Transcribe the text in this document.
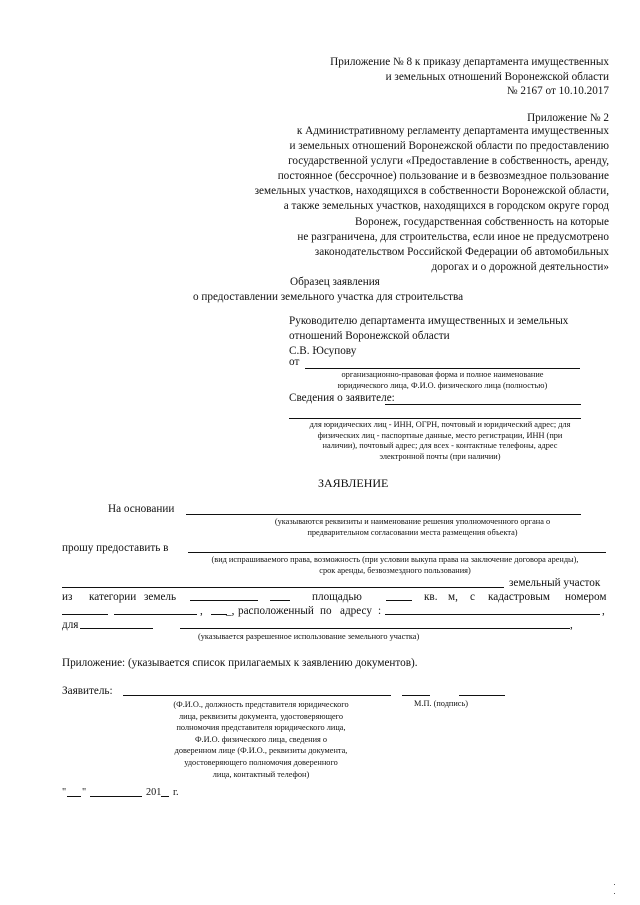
Приложение № 8 к приказу департамента имущественных
и земельных отношений Воронежской области
№ 2167 от 10.10.2017
Приложение № 2
к Административному регламенту департамента имущественных
и земельных отношений Воронежской области по предоставлению
государственной услуги «Предоставление в собственность, аренду,
постоянное (бессрочное) пользование и в безвозмездное пользование
земельных участков, находящихся в собственности Воронежской области,
а также земельных участков, находящихся в городском округе город
Воронеж, государственная собственность на которые
не разграничена, для строительства, если иное не предусмотрено
законодательством Российской Федерации об автомобильных
дорогах и о дорожной деятельности»
Образец заявления
о предоставлении земельного участка для строительства
Руководителю департамента имущественных и земельных
отношений Воронежской области
С.В. Юсупову
от
организационно-правовая форма и полное наименование
юридического лица, Ф.И.О. физического лица (полностью)
Сведения о заявителе:
для юридических лиц - ИНН, ОГРН, почтовый и юридический адрес; для
физических лиц - паспортные данные, место регистрации, ИНН (при
наличии), почтовый адрес; для всех - контактные телефоны, адрес
электронной почты (при наличии)
ЗАЯВЛЕНИЕ
На основании
(указываются реквизиты и наименование решения уполномоченного органа о
предварительном согласовании места размещения объекта)
прошу предоставить в
(вид испрашиваемого права, возможность (при условии выкупа права на заключение договора аренды),
срок аренды, безвозмездного пользования)
земельный участок
из категории земель	площадью	кв. м, с кадастровым номером
, _, расположенный по адресу :	,
для	,
(указывается разрешенное использование земельного участка)
Приложение: (указывается список прилагаемых к заявлению документов).
Заявитель:
(Ф.И.О., должность представителя юридического
лица, реквизиты документа, удостоверяющего
полномочия представителя юридического лица,
Ф.И.О. физического лица, сведения о
доверенном лице (Ф.И.О., реквизиты документа,
удостоверяющего полномочия доверенного
лица, контактный телефон)
М.П. (подпись)
" "	201 г.
